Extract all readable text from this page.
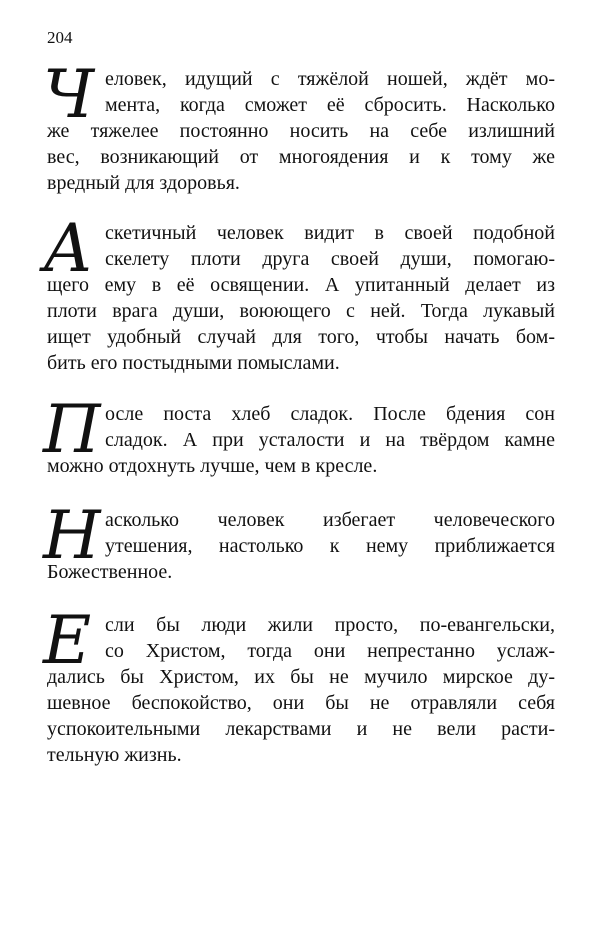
204
Ч еловек, идущий с тяжёлой ношей, ждёт мо-
мента, когда сможет её сбросить. Насколько
же тяжелее постоянно носить на себе излишний
вес, возникающий от многоядения и к тому же
вредный для здоровья.
А скетичный человек видит в своей подобной
скелету плоти друга своей души, помогаю-
щего ему в её освящении. А упитанный делает из
плоти врага души, воюющего с ней. Тогда лукавый
ищет удобный случай для того, чтобы начать бом-
бить его постыдными помыслами.
П осле поста хлеб сладок. После бдения сон
сладок. А при усталости и на твёрдом камне
можно отдохнуть лучше, чем в кресле.
Н асколько человек избегает человеческого
утешения, настолько к нему приближается
Божественное.
Е сли бы люди жили просто, по-евангельски,
со Христом, тогда они непрестанно услаж-
дались бы Христом, их бы не мучило мирское ду-
шевное беспокойство, они бы не отравляли себя
успокоительными лекарствами и не вели расти-
тельную жизнь.
